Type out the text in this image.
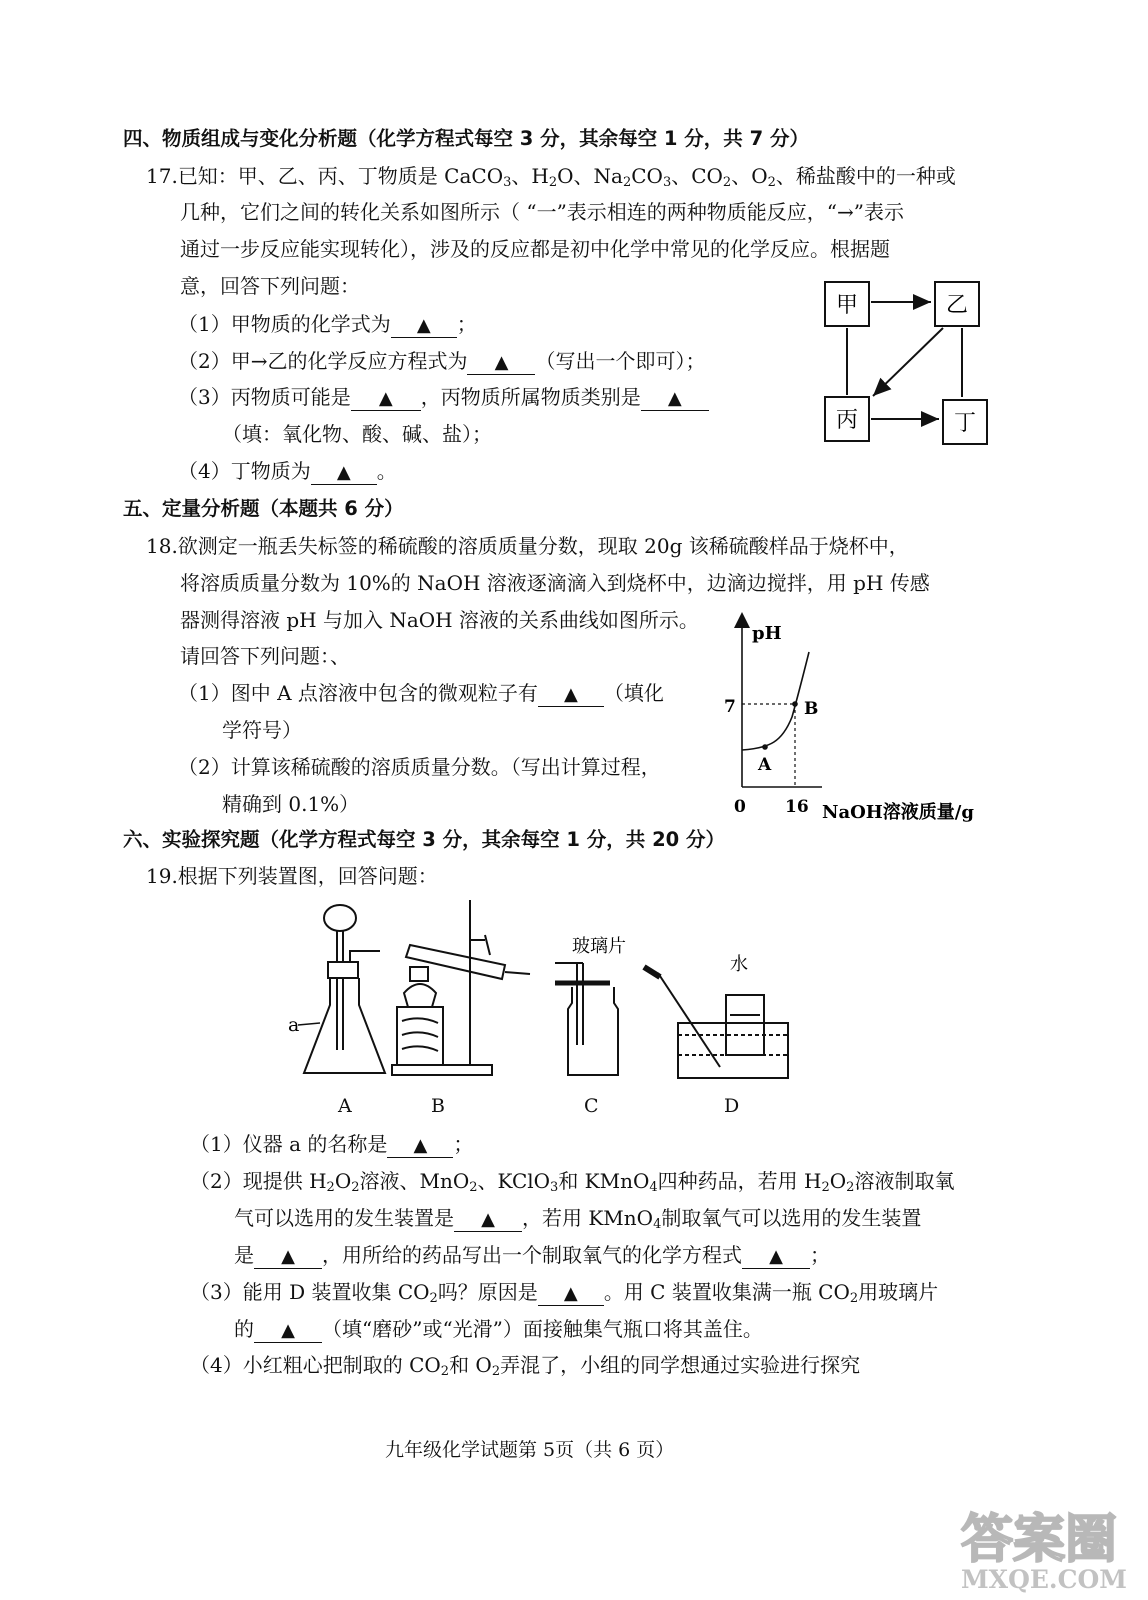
四、物质组成与变化分析题（化学方程式每空 3 分，其余每空 1 分，共 7 分）
17.已知：甲、乙、丙、丁物质是 CaCO$_3$、$H_2O$、$Na_2CO_3$、$CO_2$、$O_2$、稀盐酸中的一种或
几种，它们之间的转化关系如图所示（ “一”表示相连的两种物质能反应，“→”表示
通过一步反应能实现转化），涉及的反应都是初中化学中常见的化学反应。根据题
意，回答下列问题：
（1）甲物质的化学式为 ▲ ；
（2）甲→乙的化学反应方程式为 ▲ （写出一个即可）；
（3）丙物质可能是 ▲ ，丙物质所属物质类别是 ▲
（填：氧化物、酸、碱、盐）；
（4）丁物质为 ▲ 。
甲	乙
丙	丁
五、定量分析题（本题共 6 分）
18.欲测定一瓶丢失标签的稀硫酸的溶质质量分数，现取 20g 该稀硫酸样品于烧杯中，
将溶质质量分数为 10%的 NaOH 溶液逐滴滴入到烧杯中，边滴边搅拌，用 pH 传感
器测得溶液 pH 与加入 NaOH 溶液的关系曲线如图所示。
请回答下列问题：、
（1）图中 A 点溶液中包含的微观粒子有 ▲ （填化
学符号）
（2）计算该稀硫酸的溶质质量分数。（写出计算过程，
精确到 0.1%）
pH
7
0 16 NaOH溶液质量/g
A
B
六、实验探究题（化学方程式每空 3 分，其余每空 1 分，共 20 分）
19.根据下列装置图，回答问题：
a
玻璃片
水
A	B	C	D
（1）仪器 a 的名称是 ▲ ；
（2）现提供 $H_2O_2$溶液、MnO$_2$、KClO$_3$和 KMnO$_4$四种药品，若用 $H_2O_2$溶液制取氧
气可以选用的发生装置是 ▲ ，若用 KMnO$_4$制取氧气可以选用的发生装置
是 ▲ ，用所给的药品写出一个制取氧气的化学方程式 ▲ ；
（3）能用 D 装置收集 $CO_2$吗？原因是 ▲ 。用 C 装置收集满一瓶 $CO_2$用玻璃片
的 ▲ （填“磨砂”或“光滑”）面接触集气瓶口将其盖住。
（4）小红粗心把制取的 $CO_2$和 $O_2$弄混了，小组的同学想通过实验进行探究
九年级化学试题第 5页（共 6 页）
答案圈
MXQE.COM
